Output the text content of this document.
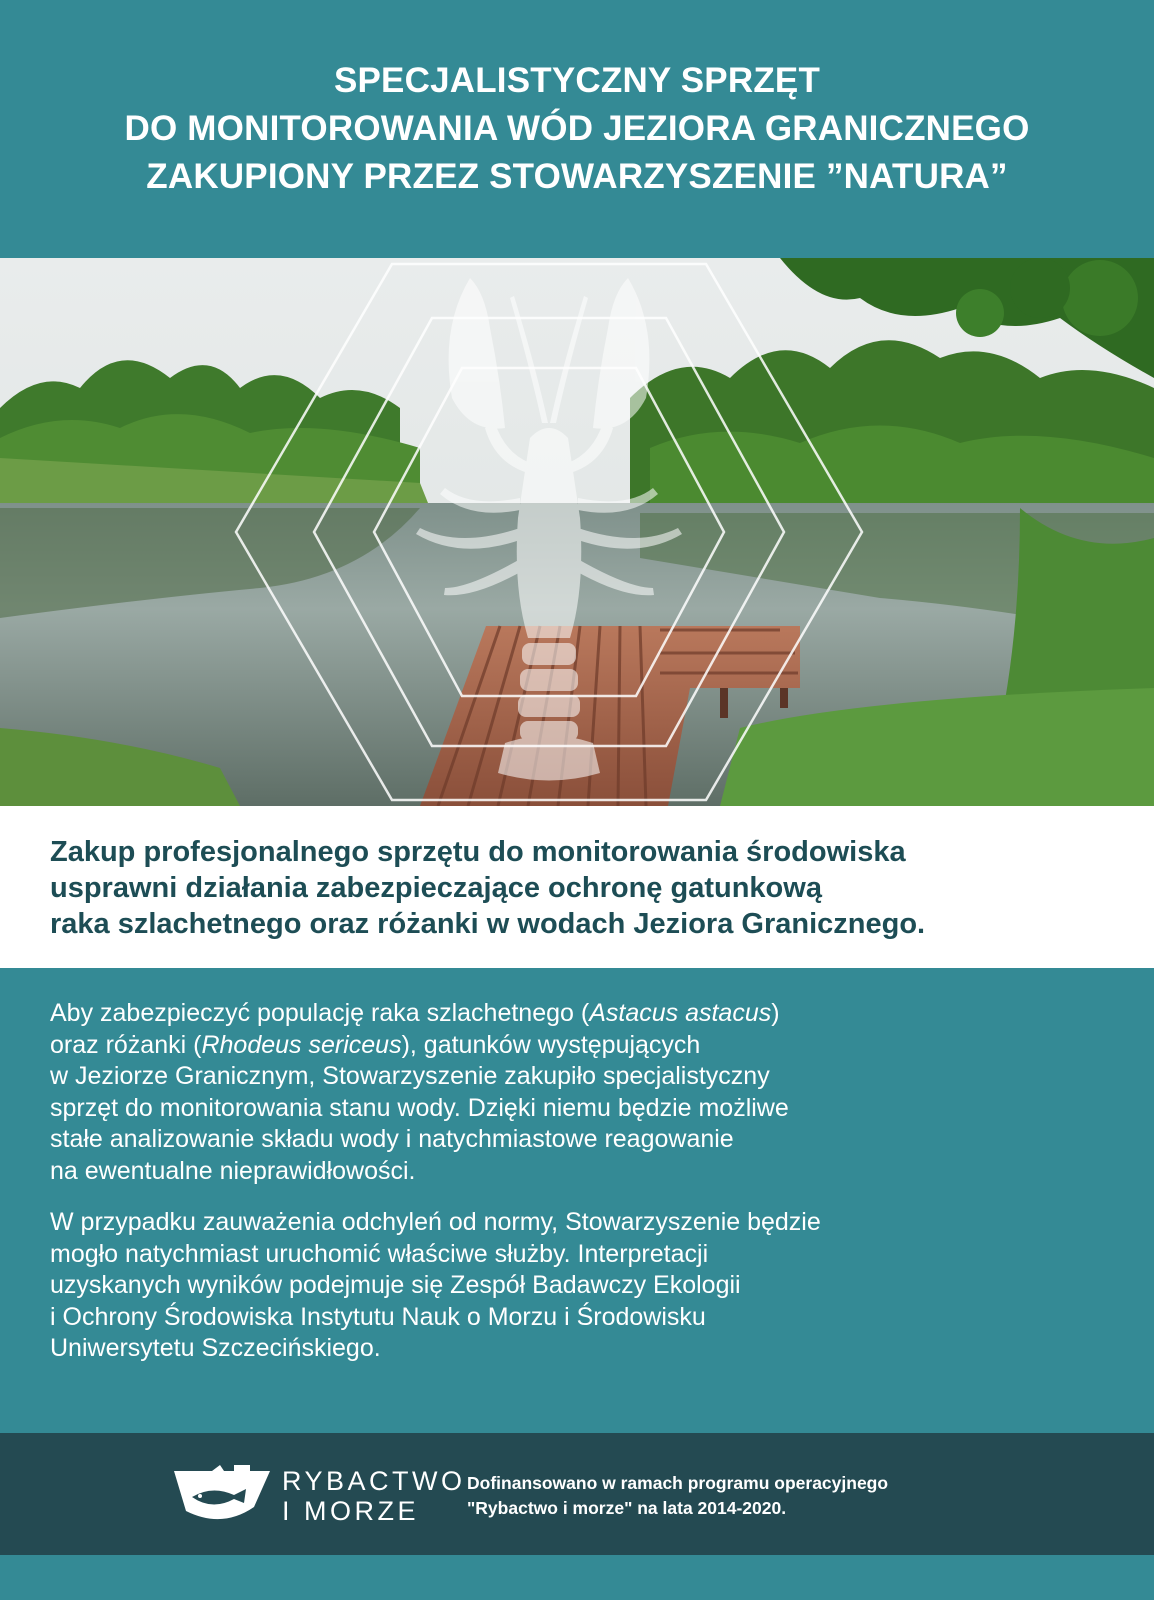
SPECJALISTYCZNY SPRZĘT
DO MONITOROWANIA WÓD JEZIORA GRANICZNEGO
ZAKUPIONY PRZEZ STOWARZYSZENIE ”NATURA”
Zakup profesjonalnego sprzętu do monitorowania środowiska
usprawni działania zabezpieczające ochronę gatunkową
raka szlachetnego oraz różanki w wodach Jeziora Granicznego.
Aby zabezpieczyć populację raka szlachetnego (Astacus astacus)
oraz różanki (Rhodeus sericeus), gatunków występujących
w Jeziorze Granicznym, Stowarzyszenie zakupiło specjalistyczny
sprzęt do monitorowania stanu wody. Dzięki niemu będzie możliwe
stałe analizowanie składu wody i natychmiastowe reagowanie
na ewentualne nieprawidłowości.
W przypadku zauważenia odchyleń od normy, Stowarzyszenie będzie
mogło natychmiast uruchomić właściwe służby. Interpretacji
uzyskanych wyników podejmuje się Zespół Badawczy Ekologii
i Ochrony Środowiska Instytutu Nauk o Morzu i Środowisku
Uniwersytetu Szczecińskiego.
RYBACTWO
I MORZE
Dofinansowano w ramach programu operacyjnego
"Rybactwo i morze" na lata 2014-2020.
